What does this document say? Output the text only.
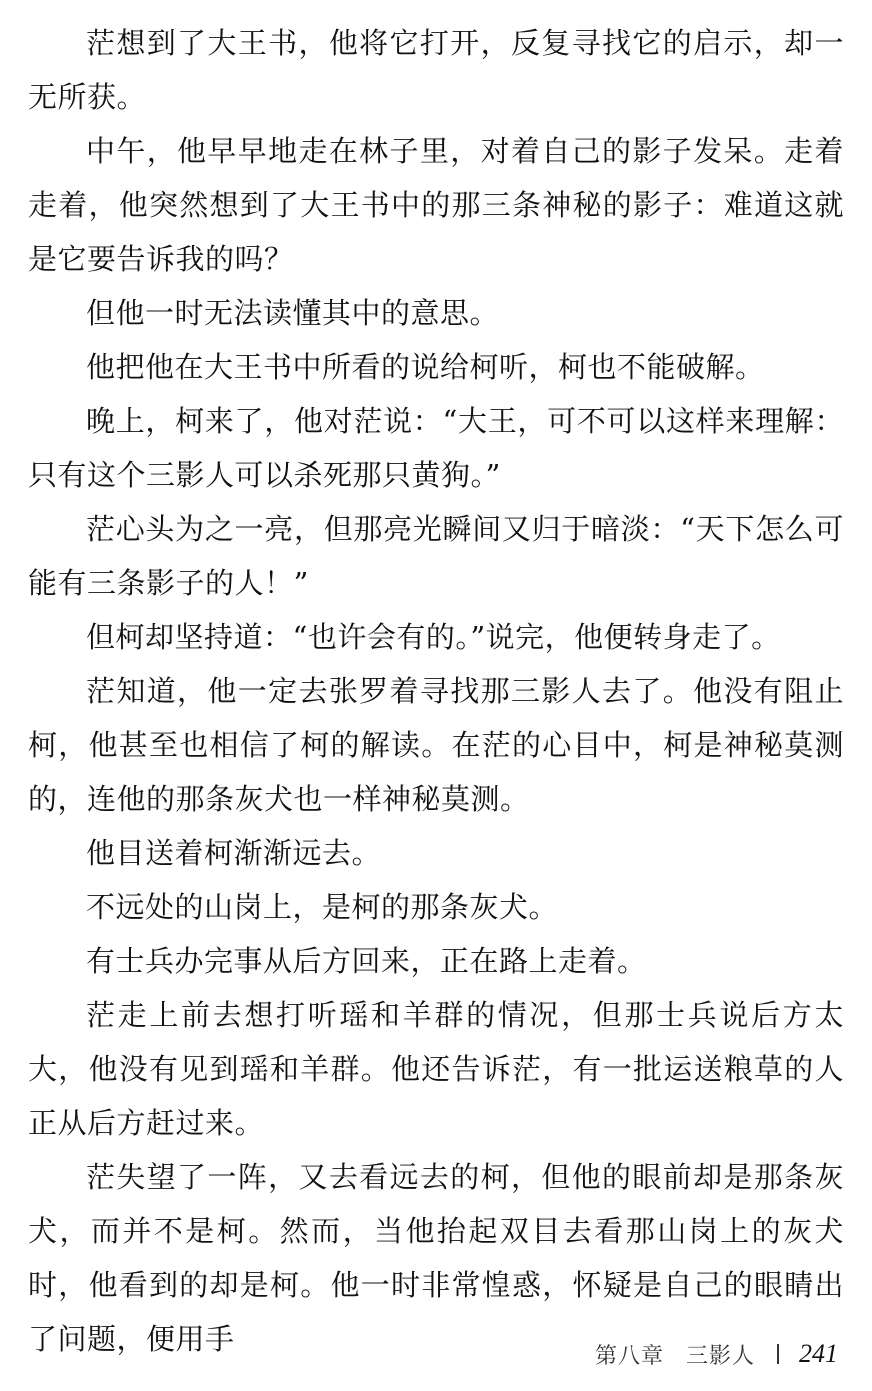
茫想到了大王书，他将它打开，反复寻找它的启示，却一无所获。

中午，他早早地走在林子里，对着自己的影子发呆。走着走着，他突然想到了大王书中的那三条神秘的影子：难道这就是它要告诉我的吗？

但他一时无法读懂其中的意思。

他把他在大王书中所看的说给柯听，柯也不能破解。

晚上，柯来了，他对茫说：“大王，可不可以这样来理解：只有这个三影人可以杀死那只黄狗。”

茫心头为之一亮，但那亮光瞬间又归于暗淡：“天下怎么可能有三条影子的人！”

但柯却坚持道：“也许会有的。”说完，他便转身走了。

茫知道，他一定去张罗着寻找那三影人去了。他没有阻止柯，他甚至也相信了柯的解读。在茫的心目中，柯是神秘莫测的，连他的那条灰犬也一样神秘莫测。

他目送着柯渐渐远去。

不远处的山岗上，是柯的那条灰犬。

有士兵办完事从后方回来，正在路上走着。

茫走上前去想打听瑶和羊群的情况，但那士兵说后方太大，他没有见到瑶和羊群。他还告诉茫，有一批运送粮草的人正从后方赶过来。

茫失望了一阵，又去看远去的柯，但他的眼前却是那条灰犬，而并不是柯。然而，当他抬起双目去看那山岗上的灰犬时，他看到的却是柯。他一时非常惶惑，怀疑是自己的眼睛出了问题，便用手	第八章 三影人 241
